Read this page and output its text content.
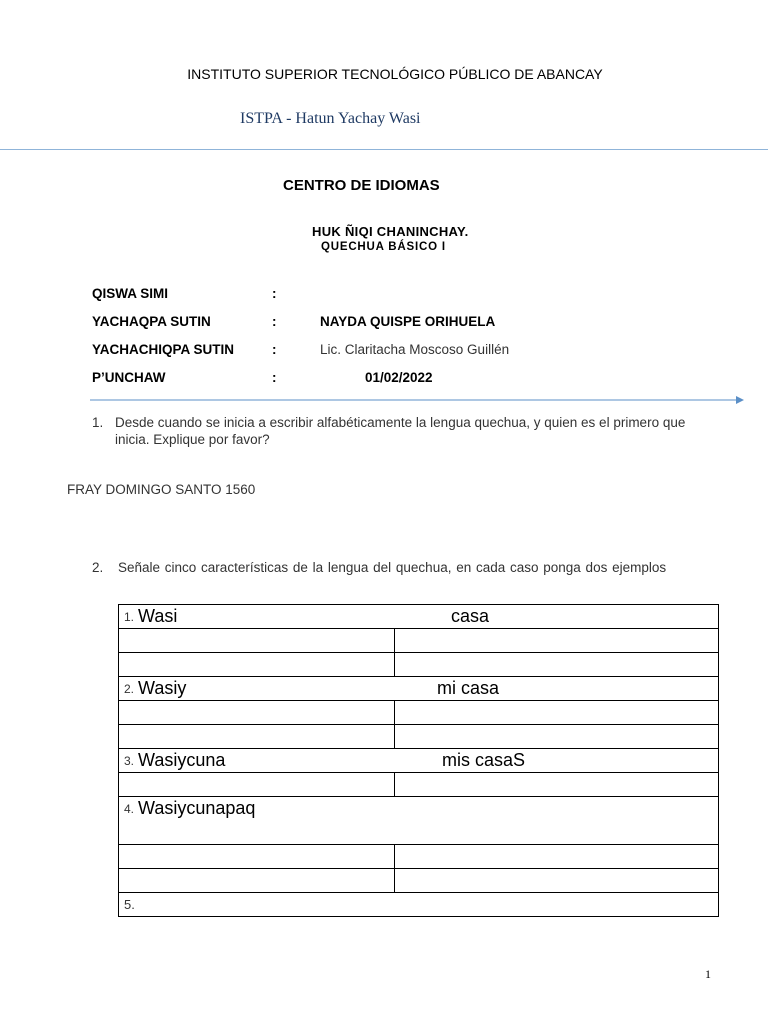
INSTITUTO SUPERIOR TECNOLÓGICO PÚBLICO DE ABANCAY
ISTPA - Hatun Yachay Wasi
CENTRO DE IDIOMAS
HUK ÑIQI CHANINCHAY.
QUECHUA BÁSICO I
QISWA SIMI	:
YACHAQPA SUTIN	:	NAYDA QUISPE ORIHUELA
YACHACHIQPA SUTIN	:	Lic. Claritacha Moscoso Guillén
P’UNCHAW	:	01/02/2022
1. Desde cuando se inicia a escribir alfabéticamente la lengua quechua, y quien es el primero que inicia. Explique por favor?
FRAY DOMINGO SANTO 1560
2. Señale cinco características de la lengua del quechua, en cada caso ponga dos ejemplos
1. Wasi casa	

2. Wasiy mi casa	

3. Wasiycuna mis casaS	

4. Wasiycunapaq	

5.	
1
